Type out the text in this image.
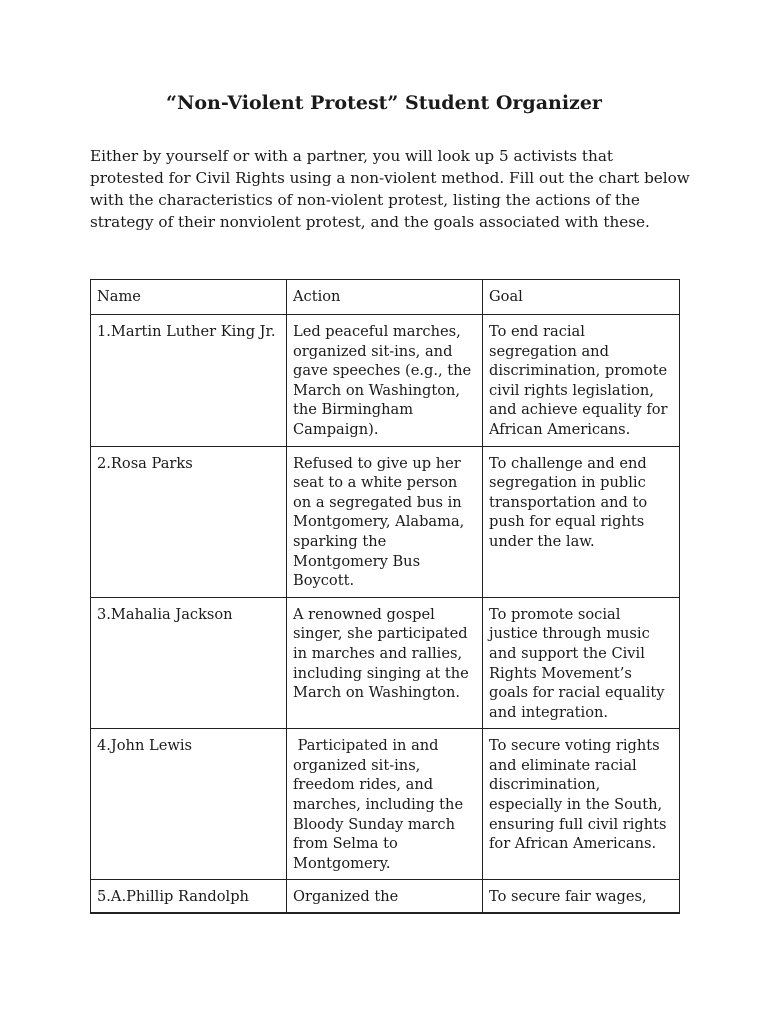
“Non-Violent Protest” Student Organizer

Either by yourself or with a partner, you will look up 5 activists that protested for Civil Rights using a non-violent method. Fill out the chart below with the characteristics of non-violent protest, listing the actions of the strategy of their nonviolent protest, and the goals associated with these.

Name	Action	Goal

1.Martin Luther King Jr.	Led peaceful marches, organized sit-ins, and gave speeches (e.g., the March on Washington, the Birmingham Campaign).	To end racial segregation and discrimination, promote civil rights legislation, and achieve equality for African Americans.

2.Rosa Parks	Refused to give up her seat to a white person on a segregated bus in Montgomery, Alabama, sparking the Montgomery Bus Boycott.	To challenge and end segregation in public transportation and to push for equal rights under the law.

3.Mahalia Jackson	A renowned gospel singer, she participated in marches and rallies, including singing at the March on Washington.	To promote social justice through music and support the Civil Rights Movement’s goals for racial equality and integration.

4.John Lewis	Participated in and organized sit-ins, freedom rides, and marches, including the Bloody Sunday march from Selma to Montgomery.	To secure voting rights and eliminate racial discrimination, especially in the South, ensuring full civil rights for African Americans.

5.A.Phillip Randolph	Organized the	To secure fair wages,
